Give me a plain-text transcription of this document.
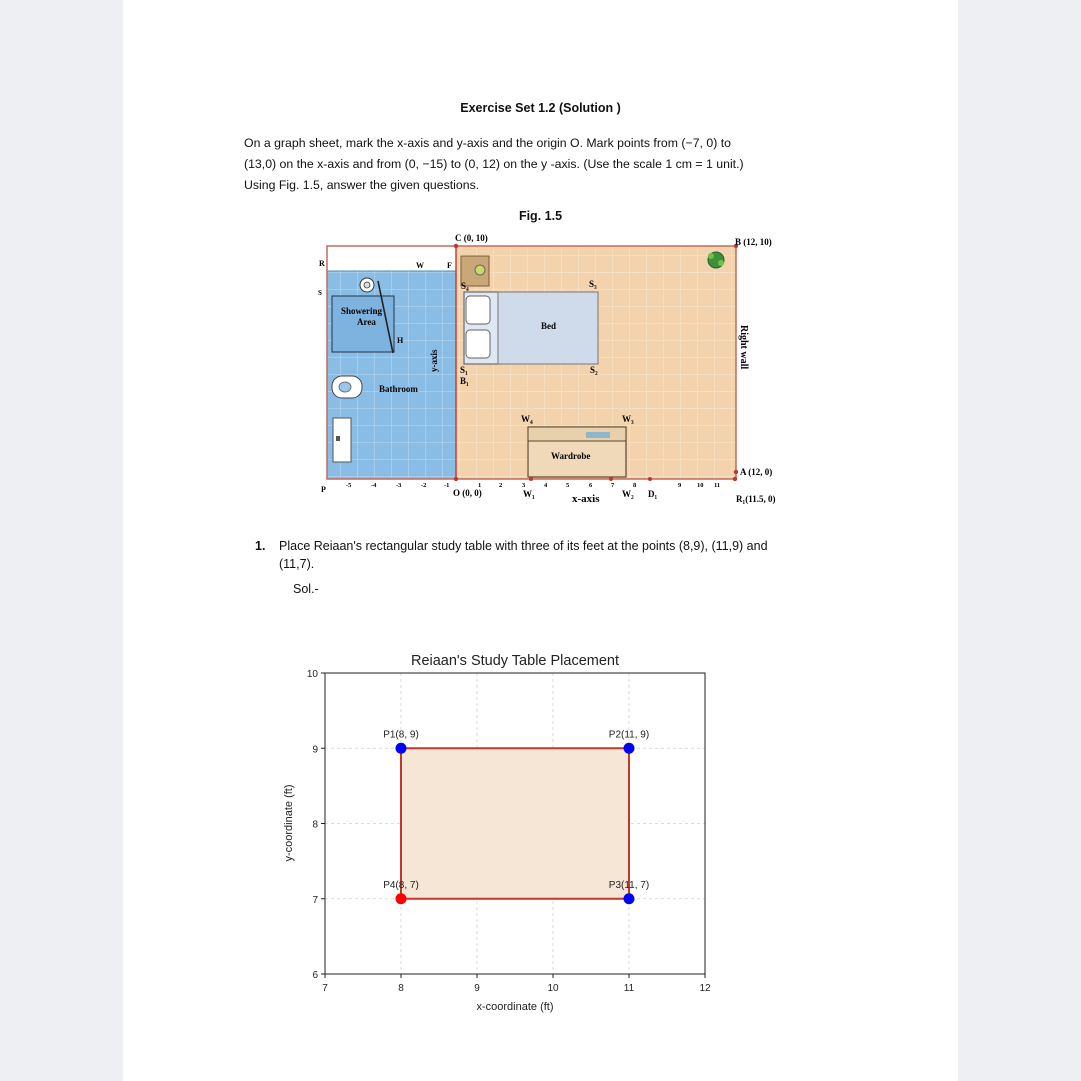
Exercise Set 1.2 (Solution )

On a graph sheet, mark the x-axis and y-axis and the origin O. Mark points from (−7, 0) to

(13,0) on the x-axis and from (0, −15) to (0, 12) on the y -axis. (Use the scale 1 cm = 1 unit.)

Using Fig. 1.5, answer the given questions.

Fig. 1.5
C (0, 10)	B (12, 10)
A (12, 0)
O (0, 0)
R₁(11.5, 0)
x-axis
y-axis	Right wall
Bed
Wardrobe
Bathroom
Showering
Area
W₁	W₂ D₁
W₃
W₄
S₁	S₂
S₃
S₄
B₁
R
S
W	F
H
P	-5	-4	-3	-2	-1	1	2	3	4	5	6	7	8	9 10 11
1. Place Reiaan's rectangular study table with three of its feet at the points (8,9), (11,9) and
(11,7).
Sol.-
Reiaan's Study Table Placement
x-coordinate (ft)
y-coordinate (ft)
7	8	9	10	11	12
6
7
8
9
10
P1(8, 9)	P2(11, 9)
P3(11, 7)
P4(8, 7)
